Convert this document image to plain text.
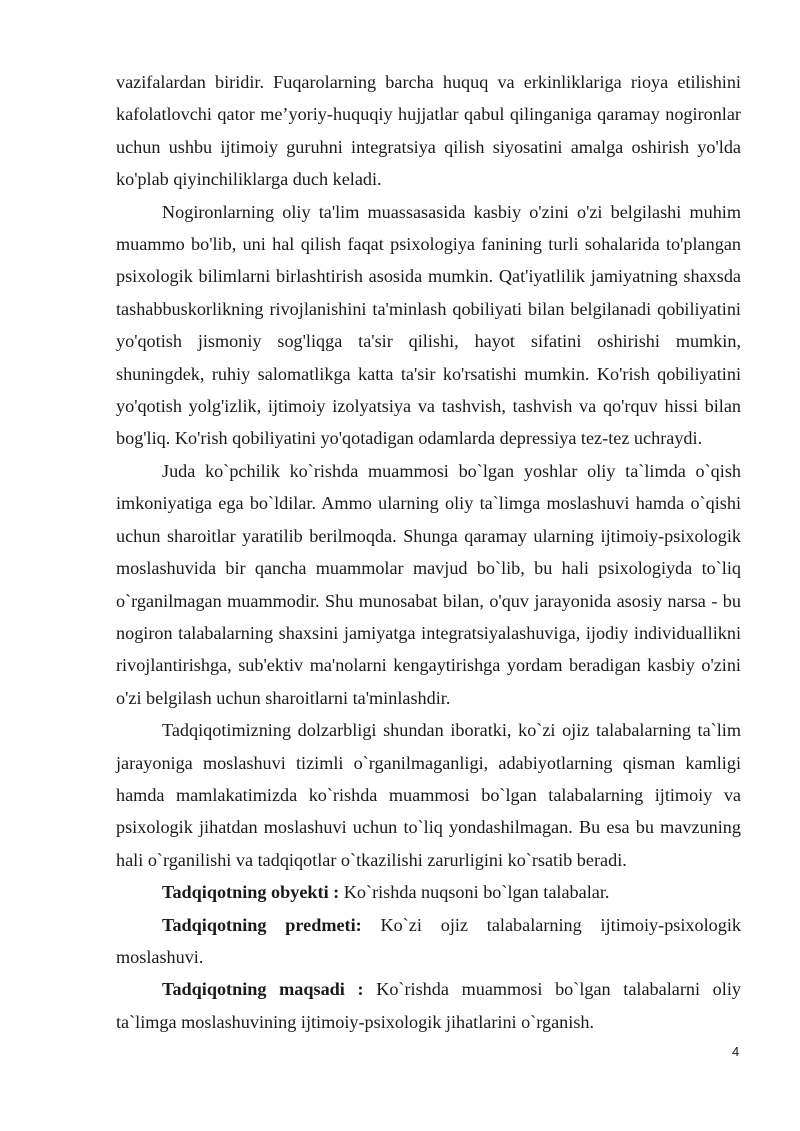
vazifalardan biridir. Fuqarolarning barcha huquq va erkinliklariga rioya etilishini kafolatlovchi qator me’yoriy-huquqiy hujjatlar qabul qilinganiga qaramay nogironlar uchun ushbu ijtimoiy guruhni integratsiya qilish siyosatini amalga oshirish yo'lda ko'plab qiyinchiliklarga duch keladi.

Nogironlarning oliy ta'lim muassasasida kasbiy o'zini o'zi belgilashi muhim muammo bo'lib, uni hal qilish faqat psixologiya fanining turli sohalarida to'plangan psixologik bilimlarni birlashtirish asosida mumkin. Qat'iyatlilik jamiyatning shaxsda tashabbuskorlikning rivojlanishini ta'minlash qobiliyati bilan belgilanadi qobiliyatini yo'qotish jismoniy sog'liqga ta'sir qilishi, hayot sifatini oshirishi mumkin, shuningdek, ruhiy salomatlikga katta ta'sir ko'rsatishi mumkin. Ko'rish qobiliyatini yo'qotish yolg'izlik, ijtimoiy izolyatsiya va tashvish, tashvish va qo'rquv hissi bilan bog'liq. Ko'rish qobiliyatini yo'qotadigan odamlarda depressiya tez-tez uchraydi.

Juda ko`pchilik ko`rishda muammosi bo`lgan yoshlar oliy ta`limda o`qish imkoniyatiga ega bo`ldilar. Ammo ularning oliy ta`limga moslashuvi hamda o`qishi uchun sharoitlar yaratilib berilmoqda. Shunga qaramay ularning ijtimoiy-psixologik moslashuvida bir qancha muammolar mavjud bo`lib, bu hali psixologiyda to`liq o`rganilmagan muammodir. Shu munosabat bilan, o'quv jarayonida asosiy narsa - bu nogiron talabalarning shaxsini jamiyatga integratsiyalashuviga, ijodiy individuallikni rivojlantirishga, sub'ektiv ma'nolarni kengaytirishga yordam beradigan kasbiy o'zini o'zi belgilash uchun sharoitlarni ta'minlashdir.

Tadqiqotimizning dolzarbligi shundan iboratki, ko`zi ojiz talabalarning ta`lim jarayoniga moslashuvi tizimli o`rganilmaganligi, adabiyotlarning qisman kamligi hamda mamlakatimizda ko`rishda muammosi bo`lgan talabalarning ijtimoiy va psixologik jihatdan moslashuvi uchun to`liq yondashilmagan. Bu esa bu mavzuning hali o`rganilishi va tadqiqotlar o`tkazilishi zarurligini ko`rsatib beradi.

Tadqiqotning obyekti : Ko`rishda nuqsoni bo`lgan talabalar.

Tadqiqotning predmeti: Ko`zi ojiz talabalarning ijtimoiy-psixologik moslashuvi.

Tadqiqotning maqsadi : Ko`rishda muammosi bo`lgan talabalarni oliy ta`limga moslashuvining ijtimoiy-psixologik jihatlarini o`rganish.

4
